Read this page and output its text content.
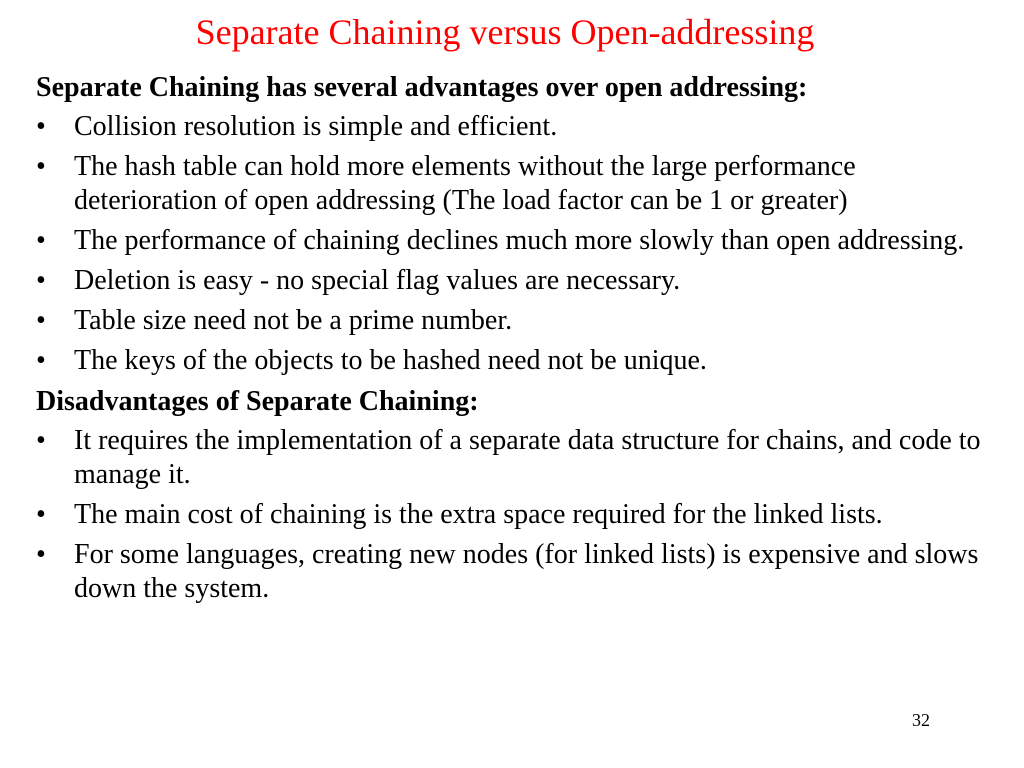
Separate Chaining versus Open-addressing
Separate Chaining has several advantages over open addressing:
•	Collision resolution is simple and efficient.
•	The hash table can hold more elements without the large performance deterioration of open addressing (The load factor can be 1 or greater)
•	The performance of chaining declines much more slowly than open addressing.
•	Deletion is easy - no special flag values are necessary.
•	Table size need not be a prime number.
•	The keys of the objects to be hashed need not be unique.
Disadvantages of Separate Chaining:
•	It requires the implementation of a separate data structure for chains, and code to manage it.
•	The main cost of chaining is the extra space required for the linked lists.
•	For some languages, creating new nodes (for linked lists) is expensive and slows down the system.
32
